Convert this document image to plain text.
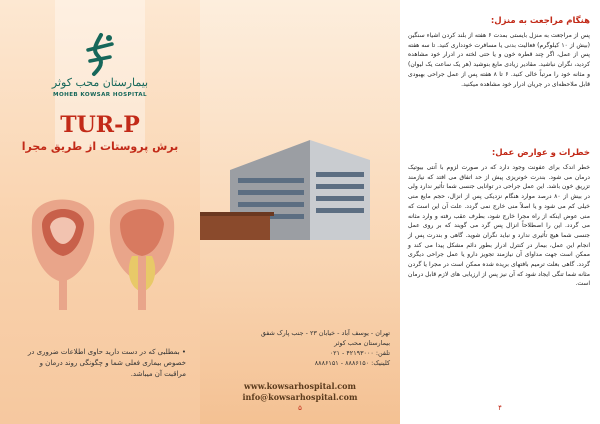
بیمارستان محب کوثر
MOHEB KOWSAR HOSPITAL
TUR-P
برش پروستات از طریق مجرا
• بمطلبی که در دست دارید حاوی اطلاعات ضروری در خصوص بیماری فعلی شما و چگونگی روند درمان و مراقبت آن میباشد.
تهران - یوسف آباد - خیابان ۲۳ - جنب پارک شفق
بیمارستان محب کوثر
تلفن: ۴۲۱۹۳۰۰۰ - ۰۲۱
کلینیک: ۸۸۸۶۱۵۰ - ۸۸۸۶۱۵۱
www.kowsarhospital.com
info@kowsarhospital.com
۵
هنگام مراجعت به منزل:
پس از مراجعت به منزل بایستی بمدت ۶ هفته از بلند کردن اشیاء سنگین (بیش از ۱۰ کیلوگرم) فعالیت بدنی یا مسافرت خودداری کنید. تا سه هفته پس از عمل، اگر چند قطره خون و یا حتی لخته در ادرار خود مشاهده کردید، نگران نباشید. مقادیر زیادی مایع بنوشید (هر یک ساعت یک لیوان) و مثانه خود را مرتباً خالی کنید. ۶ تا ۸ هفته پس از عمل جراحی بهبودی قابل ملاحظه‌ای در جریان ادرار خود مشاهده میکنید.
خطرات و عوارض عمل:
خطر اندک برای عفونت وجود دارد که در صورت لزوم با آنتی بیوتیک درمان می شود. بندرت خونریزی پیش از حد اتفاق می افتد که نیازمند تزریق خون باشد. این عمل جراحی در توانایی جنسی شما تأثیر ندارد ولی در بیش از ۸۰ درصد موارد هنگام نزدیکی پس از انزال، حجم مایع منی خیلی کم می شود و یا اصلاً منی خارج نمی گردد. علت آن این است که منی عوض اینکه از راه مجرا خارج شود، بطرف عقب رفته و وارد مثانه می گردد. این را اصطلاحاً انزال پس گرد می گویند که بر روی عمل جنسی شما هیچ تأثیری ندارد و نباید نگران شوید. گاهی و بندرت پس از انجام این عمل، بیمار در کنترل ادرار بطور دائم مشکل پیدا می کند و ممکن است جهت مداوای آن نیازمند تجویز دارو یا عمل جراحی دیگری گردد. گاهی بعلت ترمیم بافتهای بریده شده ممکن است در مجرا یا گردن مثانه شما تنگی ایجاد شود که آن نیز پس از ارزیابی های لازم قابل درمان است.
۴
